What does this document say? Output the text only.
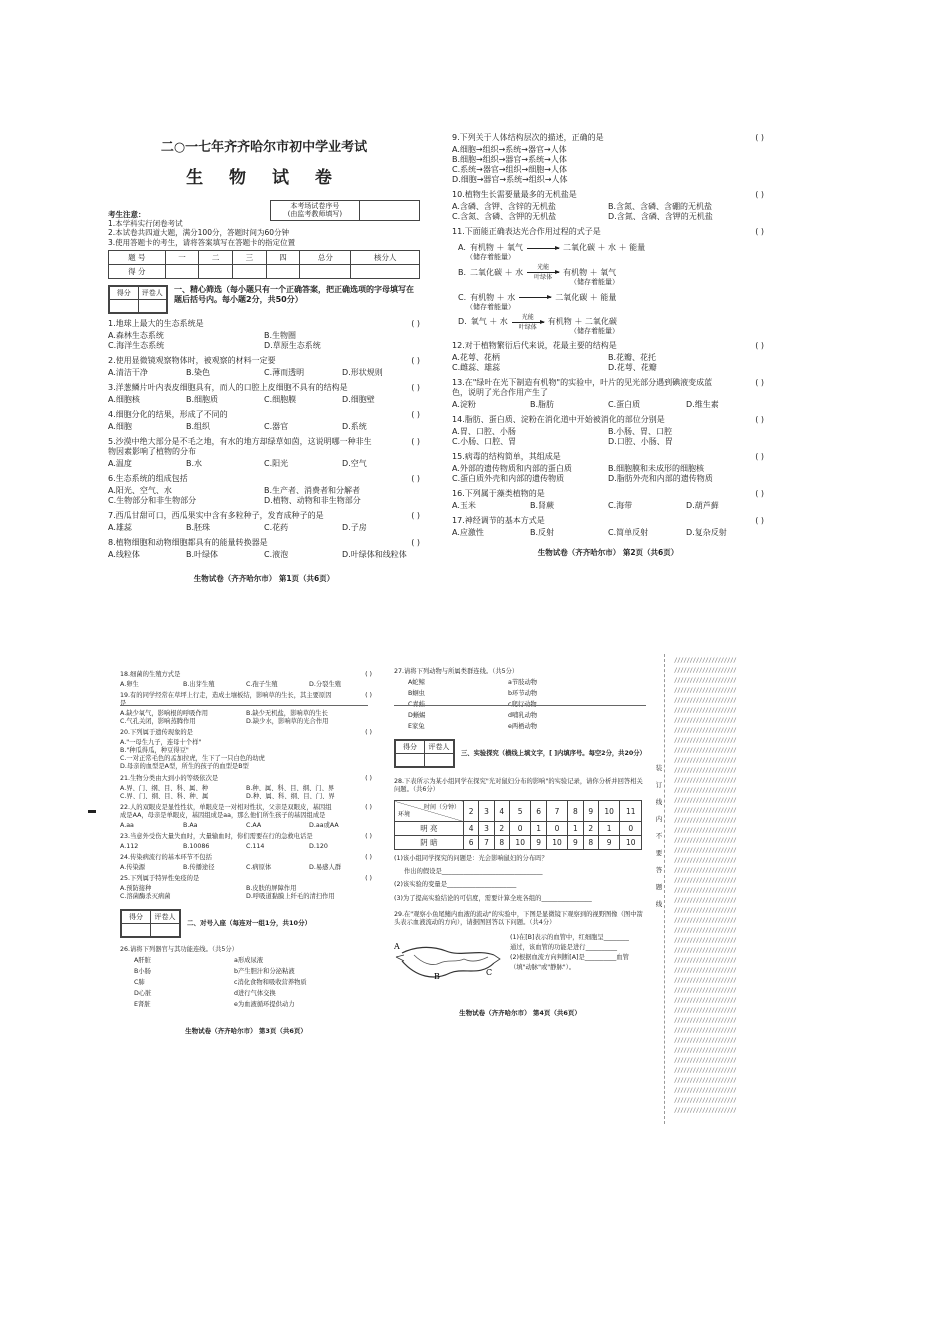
二○一七年齐齐哈尔市初中学业考试
生 物 试 卷
本考场试卷序号
(由监考教师填写)

考生注意：
1.本学科实行闭卷考试
2.本试卷共四道大题，满分100分，答题时间为60分钟
3.使用答题卡的考生，请将答案填写在答题卡的指定位置
题 号	一	二	三	四	总分	核分人
得 分						
得分	评卷人
	一、精心筛选（每小题只有一个正确答案，把正确选项的字母填写在题后括号内。每小题2分，共50分）
1.地球上最大的生态系统是	( )
A.森林生态系统	B.生物圈
C.海洋生态系统	D.草原生态系统
2.使用显微镜观察物体时，被观察的材料一定要	( )
A.清洁干净	B.染色	C.薄而透明	D.形状规则
3.洋葱鳞片叶内表皮细胞具有，而人的口腔上皮细胞不具有的结构是	( )
A.细胞核	B.细胞质	C.细胞膜	D.细胞壁
4.细胞分化的结果，形成了不同的	( )
A.细胞	B.组织	C.器官	D.系统
5.沙漠中绝大部分是不毛之地，有水的地方却绿草如茵，这说明哪一种非生物因素影响了植物的分布
( )
A.温度	B.水	C.阳光	D.空气
6.生态系统的组成包括	( )
A.阳光、空气、水	B.生产者、消费者和分解者
C.生物部分和非生物部分	D.植物、动物和非生物部分
7.西瓜甘甜可口，西瓜果实中含有多粒种子，发育成种子的是	( )
A.雄蕊	B.胚珠	C.花药	D.子房
8.植物细胞和动物细胞都具有的能量转换器是	( )
A.线粒体	B.叶绿体	C.液泡	D.叶绿体和线粒体
生物试卷（齐齐哈尔市） 第1页（共6页）
9.下列关于人体结构层次的描述，正确的是	( )
A.细胞→组织→系统→器官→人体
B.细胞→组织→器官→系统→人体
C.系统→器官→组织→细胞→人体
D.细胞→器官→系统→组织→人体
10.植物生长需要量最多的无机盐是	( )
A.含磷、含钾、含锌的无机盐	B.含氮、含磷、含硼的无机盐
C.含氮、含磷、含钾的无机盐	D.含氮、含磷、含钾的无机盐
11.下面能正确表达光合作用过程的式子是	( )
A. 有机物 ＋ 氧气 → 二氧化碳 ＋ 水 ＋ 能量
（储存着能量）
B. 二氧化碳 ＋ 水	光能
叶绿体
有机物 ＋ 氧气
（储存着能量）
C. 有机物 ＋ 水 → 二氧化碳 ＋ 能量
（储存着能量）
D. 氧气 ＋ 水	光能
叶绿体
有机物 ＋ 二氧化碳
（储存着能量）
12.对于植物繁衍后代来说，花最主要的结构是	( )
A.花萼、花柄	B.花瓣、花托
C.雌蕊、雄蕊	D.花萼、花瓣
13.在"绿叶在光下制造有机物"的实验中，叶片的见光部分遇到碘液变成蓝色，说明了光合作用产生了
( )
A.淀粉	B.脂肪	C.蛋白质	D.维生素
14.脂肪、蛋白质、淀粉在消化道中开始被消化的部位分别是	( )
A.胃、口腔、小肠	B.小肠、胃、口腔
C.小肠、口腔、胃	D.口腔、小肠、胃
15.病毒的结构简单，其组成是	( )
A.外部的遗传物质和内部的蛋白质	B.细胞膜和未成形的细胞核
C.蛋白质外壳和内部的遗传物质	D.脂肪外壳和内部的遗传物质
16.下列属于藻类植物的是	( )
A.玉米	B.肾蕨	C.海带	D.葫芦藓
17.神经调节的基本方式是	( )
A.应激性	B.反射	C.简单反射	D.复杂反射
生物试卷（齐齐哈尔市） 第2页（共6页）
18.细菌的生殖方式是	( )
A.卵生	B.出芽生殖	C.孢子生殖	D.分裂生殖
19.有的同学经常在草坪上行走，造成土壤板结，影响草的生长，其主要原因是
( )
A.缺少氧气，影响根的呼吸作用	B.缺少无机盐，影响草的生长
C.气孔关闭，影响蒸腾作用	D.缺少水，影响草的光合作用
20.下列属于遗传现象的是	( )
A."一母生九子，连母十个样"
B."种瓜得瓜，种豆得豆"
C.一对正常毛色的孟加拉虎，生下了一只白色的幼虎
D.母亲的血型是A型，所生的孩子的血型是B型
21.生物分类由大到小的等级依次是	( )
A.界、门、纲、目、科、属、种	B.种、属、科、目、纲、门、界
C.界、门、纲、目、科、种、属	D.种、属、科、纲、目、门、界
22.人的双眼皮是显性性状，单眼皮是一对相对性状，父亲是双眼皮，基因组成是AA，母亲是单眼皮，基因组成是aa，那么他们所生孩子的基因组成是
( )
A.aa	B.Aa	C.AA	D.aa或AA
23.当意外受伤大量失血时，大量输血时，你们需要在行的急救电话是	( )
A.112	B.10086	C.114	D.120
24.传染病流行的基本环节不包括	( )
A.传染源	B.传播途径	C.病原体	D.易感人群
25.下列属于特异性免疫的是	( )
A.预防接种	B.皮肤的屏障作用
C.溶菌酶杀灭病菌	D.呼吸道黏膜上纤毛的清扫作用
得分	评卷人

二、对号入座（每连对一组1分，共10分）
26.请将下列器官与其功能连线。（共5分）
A肝脏	a形成尿液
B小肠	b产生胆汁和分泌粘液
C肺	c消化食物和吸收营养物质
D心脏	d进行气体交换
E肾脏	e为血液循环提供动力
生物试卷（齐齐哈尔市） 第3页（共6页）
27.请将下列动物与所属类群连线。（共5分）
A蛇鲸	a节肢动物
B蛔虫	b环节动物
C青蛙	c爬行动物
D蜥蜴	d哺乳动物
E家兔	e两栖动物
得分	评卷人

三、实验探究（横线上填文字，[ ]内填序号。每空2分，共20分）
28.下表所示为某小组同学在探究"光对鼠妇分布的影响"的实验记录，请你分析并回答相关问题。（共6分）
时间（分钟）
环境	2	3	4	5	6	7	8	9	10	11
明 亮	4	3	2	0	1	0	1	2	1	0
阴 暗	6	7	8	10	9	10	9	8	9	10
(1)该小组同学探究的问题是：光会影响鼠妇的分布吗？
作出的假设是________________________________
(2)该实验的变量是______________________
(3)为了提高实验结论的可信度，需要计算全班各组的________________
29.在"观察小鱼尾鳍内血液的流动"的实验中，下图是显微镜下观察到的视野图像（图中箭头表示血液流动的方向），请据图回答以下问题。（共4分）
A
B	C
(1)在[B]表示的血管中，红细胞呈________
通过，该血管的功能是进行__________
(2)根据血流方向判断[A]是__________血管
（填"动脉"或"静脉"）。
生物试卷（齐齐哈尔市） 第4页（共6页）
装
订
线
内
不
要
答
题
线
////////////////////
////////////////////
////////////////////
////////////////////
////////////////////
////////////////////
////////////////////
////////////////////
////////////////////
////////////////////
////////////////////
////////////////////
////////////////////
////////////////////
////////////////////
////////////////////
////////////////////
////////////////////
////////////////////
////////////////////
////////////////////
////////////////////
////////////////////
////////////////////
////////////////////
////////////////////
////////////////////
////////////////////
////////////////////
////////////////////
////////////////////
////////////////////
////////////////////
////////////////////
////////////////////
////////////////////
////////////////////
////////////////////
////////////////////
////////////////////
////////////////////
////////////////////
////////////////////
////////////////////
////////////////////
////////////////////
